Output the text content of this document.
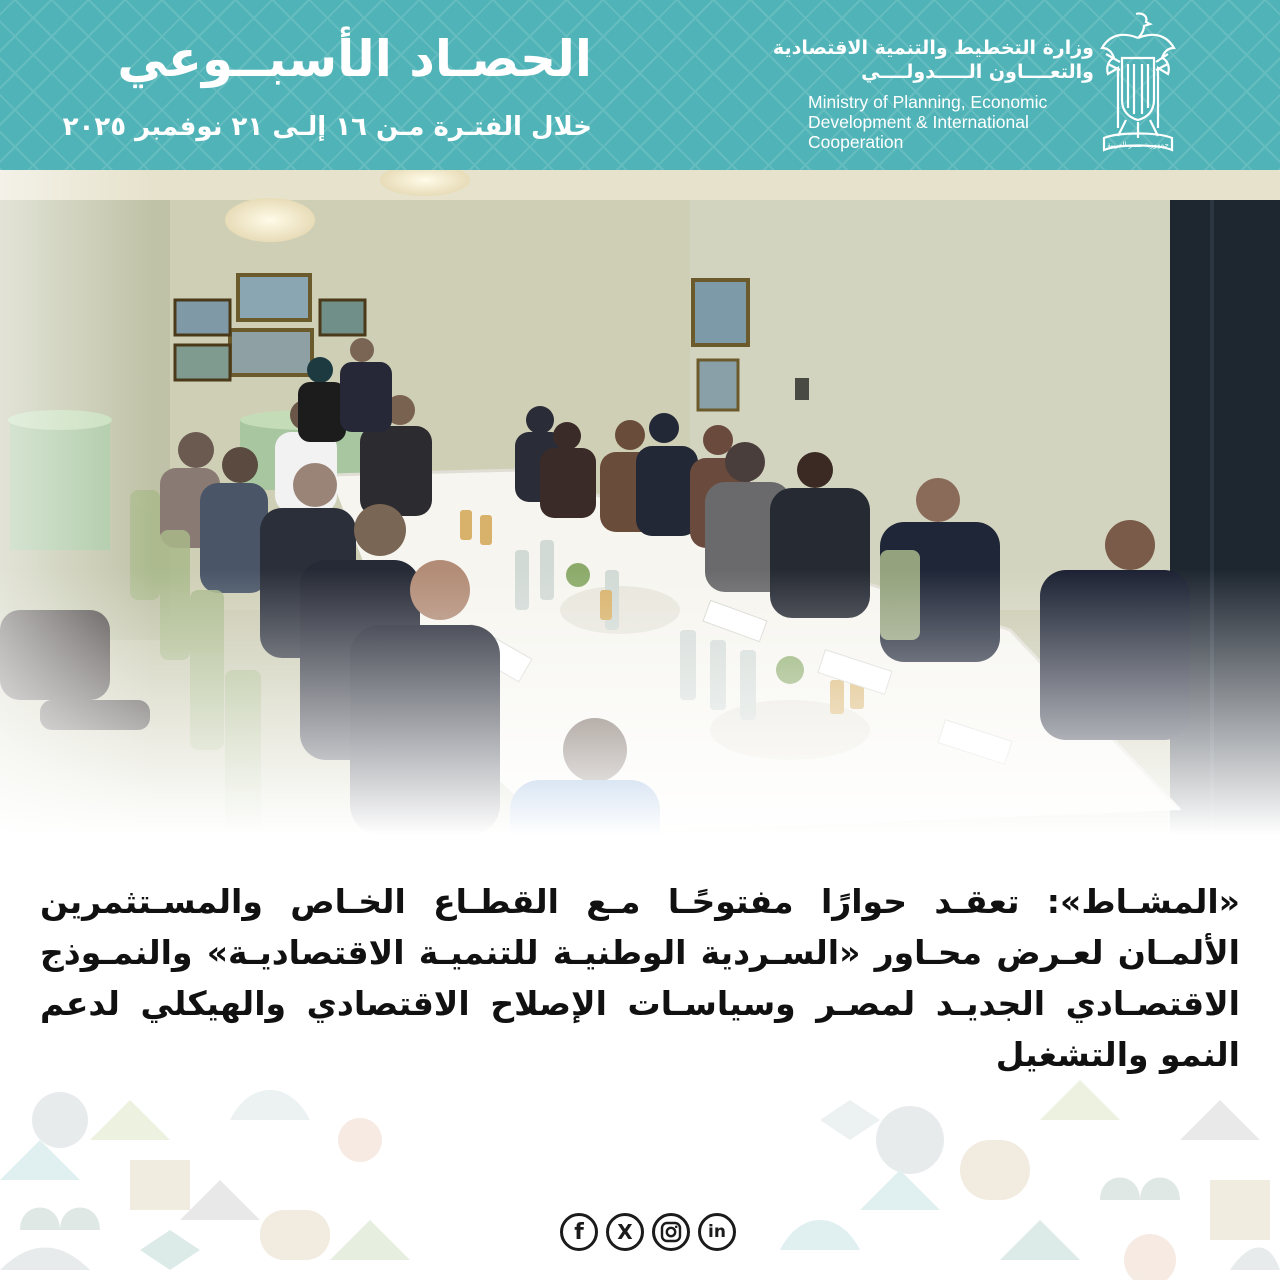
الحصـاد الأسبــوعي
خلال الفتـرة مـن ١٦ إلـى ٢١ نوفمبر ٢٠٢٥
وزارة التخطيط والتنمية الاقتصادية
والتعــــاون الـــــدولــــي
Ministry of Planning, Economic
Development & International
Cooperation	جمهورية مصر العربية
«المشـاط»: تعقـد حوارًا مفتوحًـا مـع القطـاع الخـاص والمسـتثمرين الألمـان لعـرض محـاور «السـردية الوطنيـة للتنميـة الاقتصاديـة» والنمـوذج الاقتصـادي الجديـد لمصـر وسياسـات الإصلاح الاقتصادي والهيكلي لدعم النمو والتشغيل
f X	in
